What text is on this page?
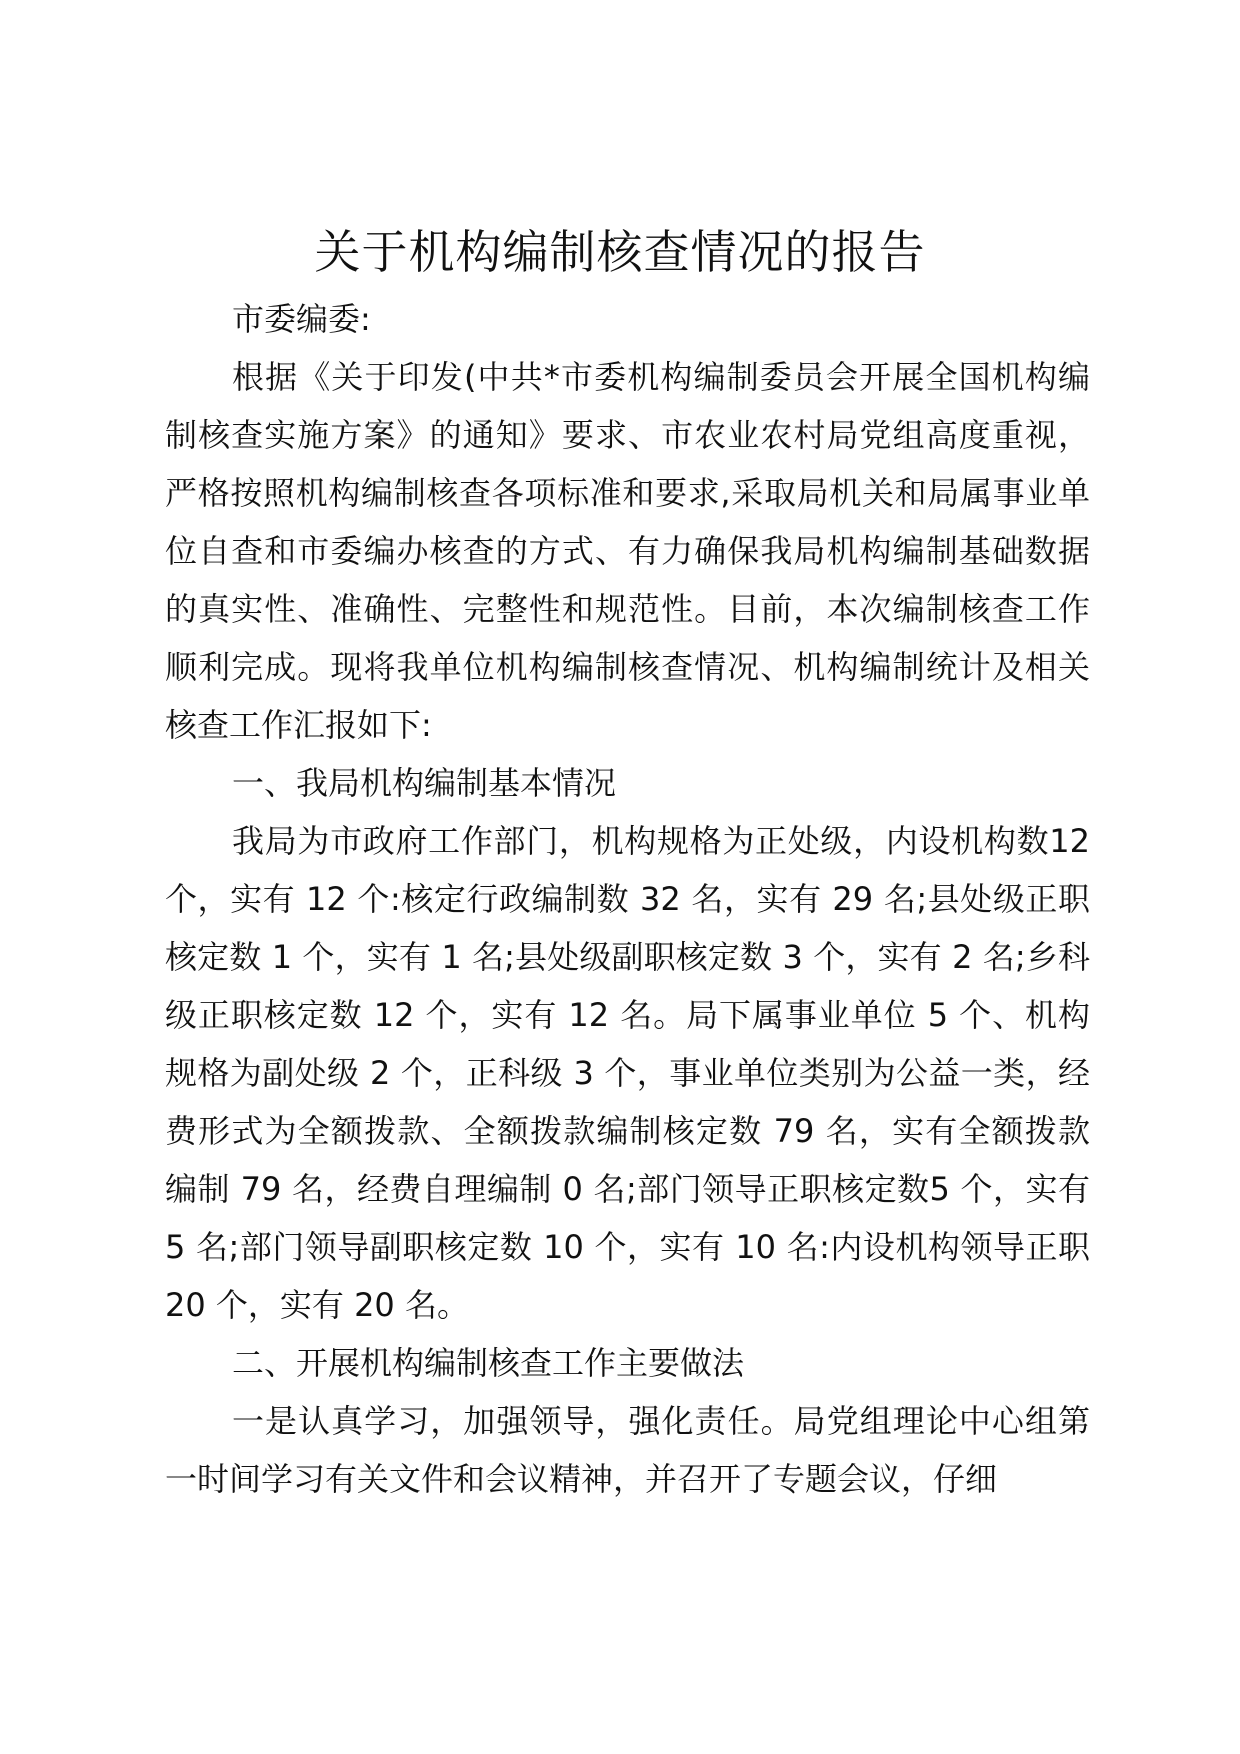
关于机构编制核查情况的报告

市委编委:

根据《关于印发(中共*市委机构编制委员会开展全国机构编制核查实施方案》的通知》要求、市农业农村局党组高度重视，严格按照机构编制核查各项标准和要求,采取局机关和局属事业单位自查和市委编办核查的方式、有力确保我局机构编制基础数据的真实性、准确性、完整性和规范性。目前，本次编制核查工作顺利完成。现将我单位机构编制核查情况、机构编制统计及相关核查工作汇报如下:

一、我局机构编制基本情况

我局为市政府工作部门，机构规格为正处级，内设机构数12 个，实有 12 个:核定行政编制数 32 名，实有 29 名;县处级正职核定数 1 个，实有 1 名;县处级副职核定数 3 个，实有 2 名;乡科级正职核定数 12 个，实有 12 名。局下属事业单位 5 个、机构规格为副处级 2 个，正科级 3 个，事业单位类别为公益一类，经费形式为全额拨款、全额拨款编制核定数 79 名，实有全额拨款编制 79 名，经费自理编制 0 名;部门领导正职核定数5 个，实有 5 名;部门领导副职核定数 10 个，实有 10 名:内设机构领导正职 20 个，实有 20 名。

二、开展机构编制核查工作主要做法

一是认真学习，加强领导，强化责任。局党组理论中心组第一时间学习有关文件和会议精神，并召开了专题会议，仔细
